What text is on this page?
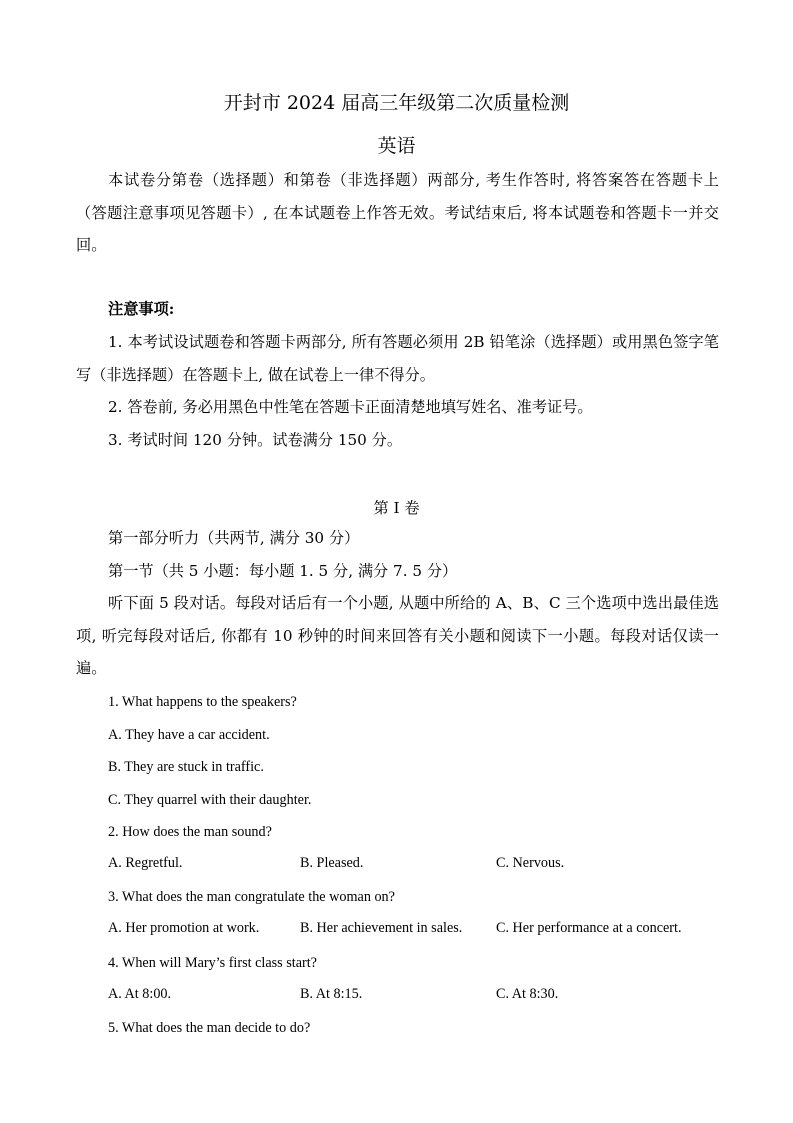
开封市 2024 届高三年级第二次质量检测
英语

本试卷分第卷（选择题）和第卷（非选择题）两部分, 考生作答时, 将答案答在答题卡上（答题注意事项见答题卡）, 在本试题卷上作答无效。考试结束后, 将本试题卷和答题卡一并交回。

注意事项:

1. 本考试设试题卷和答题卡两部分, 所有答题必须用 2B 铅笔涂（选择题）或用黑色签字笔写（非选择题）在答题卡上, 做在试卷上一律不得分。

2. 答卷前, 务必用黑色中性笔在答题卡正面清楚地填写姓名、准考证号。
3. 考试时间 120 分钟。试卷满分 150 分。
第 I 卷
第一部分听力（共两节, 满分 30 分）
第一节（共 5 小题：每小题 1. 5 分, 满分 7. 5 分）

听下面 5 段对话。每段对话后有一个小题, 从题中所给的 A、B、C 三个选项中选出最佳选项, 听完每段对话后, 你都有 10 秒钟的时间来回答有关小题和阅读下一小题。每段对话仅读一遍。

1. What happens to the speakers?
A. They have a car accident.
B. They are stuck in traffic.
C. They quarrel with their daughter.
2. How does the man sound?
A. Regretful.	B. Pleased.	C. Nervous.
3. What does the man congratulate the woman on?
A. Her promotion at work.	B. Her achievement in sales. C. Her performance at a concert.
4. When will Mary’s first class start?
A. At 8:00.	B. At 8:15.	C. At 8:30.
5. What does the man decide to do?
